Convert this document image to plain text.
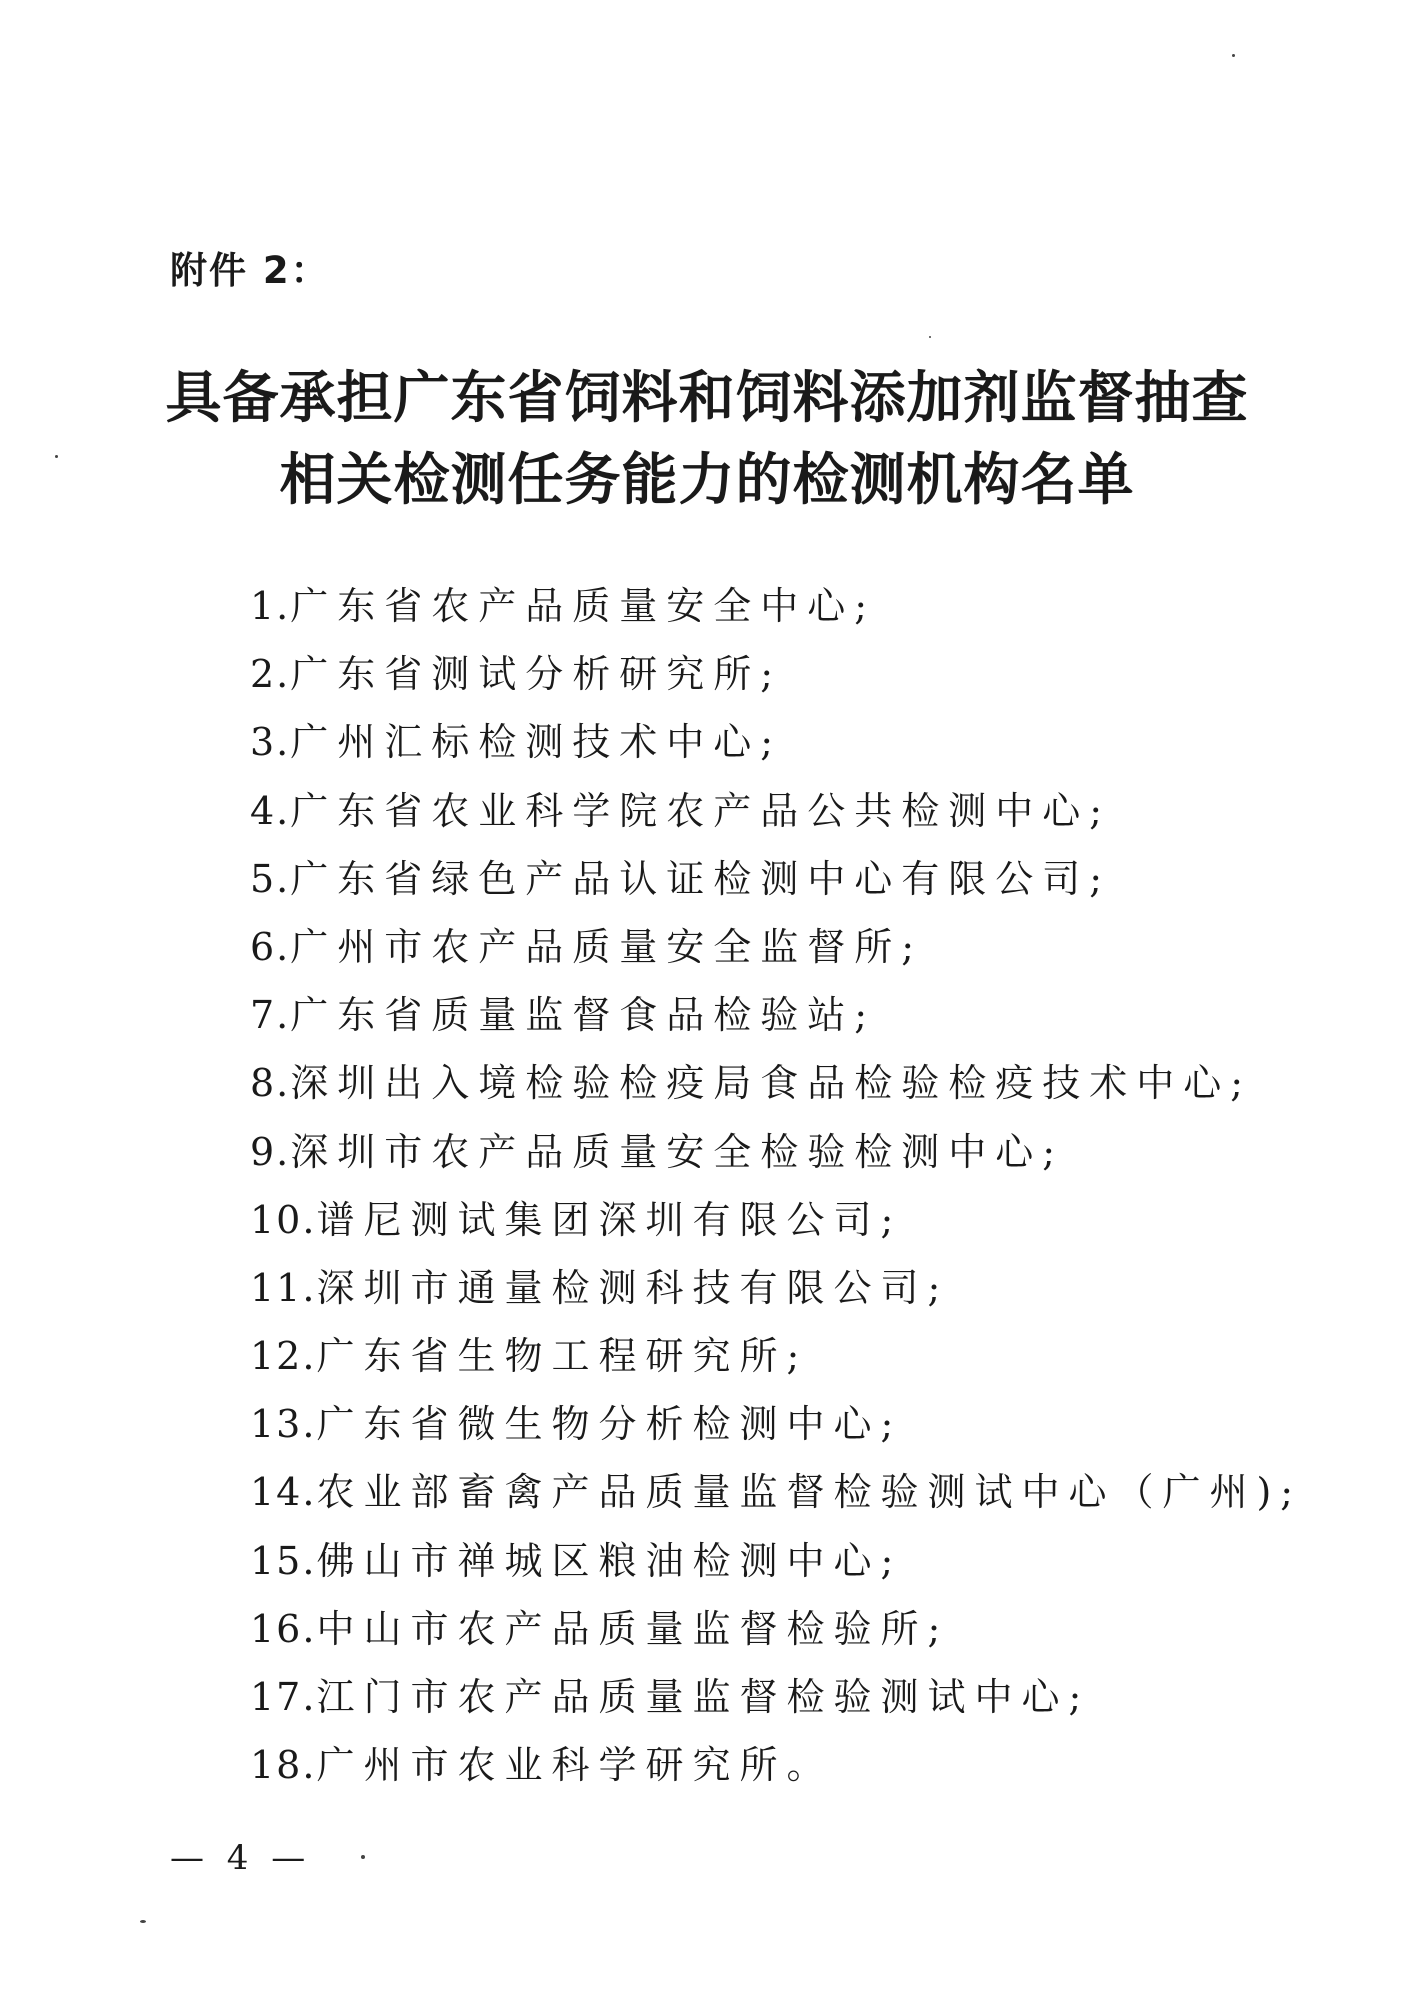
附件 2：
具备承担广东省饲料和饲料添加剂监督抽查
相关检测任务能力的检测机构名单
1.广东省农产品质量安全中心;
2.广东省测试分析研究所;
3.广州汇标检测技术中心;
4.广东省农业科学院农产品公共检测中心;
5.广东省绿色产品认证检测中心有限公司;
6.广州市农产品质量安全监督所;
7.广东省质量监督食品检验站;
8.深圳出入境检验检疫局食品检验检疫技术中心;
9.深圳市农产品质量安全检验检测中心;
10.谱尼测试集团深圳有限公司;
11.深圳市通量检测科技有限公司;
12.广东省生物工程研究所;
13.广东省微生物分析检测中心;
14.农业部畜禽产品质量监督检验测试中心（广州);
15.佛山市禅城区粮油检测中心;
16.中山市农产品质量监督检验所;
17.江门市农产品质量监督检验测试中心;
18.广州市农业科学研究所。
— 4 —
